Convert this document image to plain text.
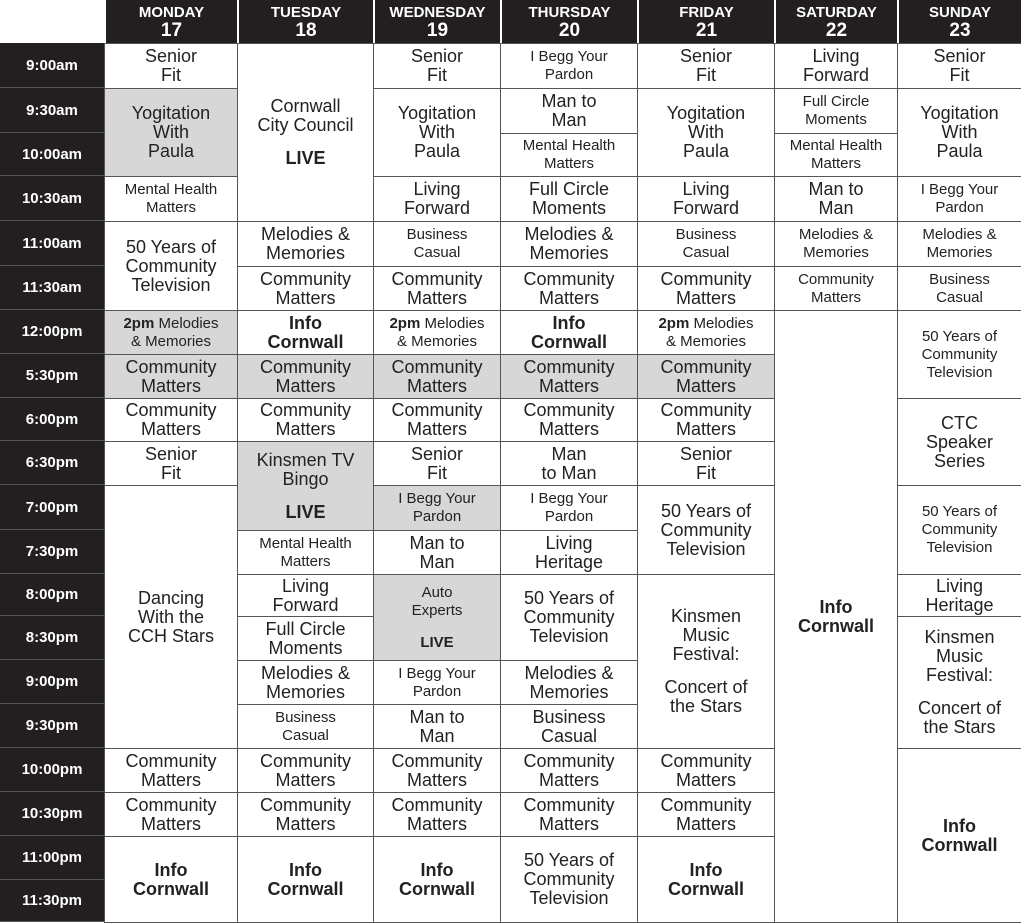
MONDAY
17
TUESDAY
18
WEDNESDAY
19
THURSDAY
20
FRIDAY
21
SATURDAY
22
SUNDAY
23
9:00am
9:30am
10:00am
10:30am
11:00am
11:30am
12:00pm
5:30pm
6:00pm
6:30pm
7:00pm
7:30pm
8:00pm
8:30pm
9:00pm
9:30pm
10:00pm
10:30pm
11:00pm
11:30pm
Senior
Fit
Yogitation
With
Paula
Mental Health
Matters
50 Years of
Community
Television
2pm Melodies
& Memories
Community
Matters
Community
Matters
Senior
Fit
Dancing
With the
CCH Stars
Community
Matters
Community
Matters
Info
Cornwall
Cornwall
City Council
LIVE
Melodies &
Memories
Community
Matters
Info
Cornwall
Community
Matters
Community
Matters
Kinsmen TV
Bingo
LIVE
Mental Health
Matters
Living
Forward
Full Circle
Moments
Melodies &
Memories
Business
Casual
Community
Matters
Community
Matters
Info
Cornwall
Senior
Fit
Yogitation
With
Paula
Living
Forward
Business
Casual
Community
Matters
2pm Melodies
& Memories
Community
Matters
Community
Matters
Senior
Fit
I Begg Your
Pardon
Man to
Man
Auto
Experts
LIVE
I Begg Your
Pardon
Man to
Man
Community
Matters
Community
Matters
Info
Cornwall
I Begg Your
Pardon
Man to
Man
Mental Health
Matters
Full Circle
Moments
Melodies &
Memories
Community
Matters
Info
Cornwall
Community
Matters
Community
Matters
Man
to Man
I Begg Your
Pardon
Living
Heritage
50 Years of
Community
Television
Melodies &
Memories
Business
Casual
Community
Matters
Community
Matters
50 Years of
Community
Television
Senior
Fit
Yogitation
With
Paula
Living
Forward
Business
Casual
Community
Matters
2pm Melodies
& Memories
Community
Matters
Community
Matters
Senior
Fit
50 Years of
Community
Television
Kinsmen
Music
Festival:
Concert of
the Stars
Community
Matters
Community
Matters
Info
Cornwall
Living
Forward
Full Circle
Moments
Mental Health
Matters
Man to
Man
Melodies &
Memories
Community
Matters
Info
Cornwall
Senior
Fit
Yogitation
With
Paula
I Begg Your
Pardon
Melodies &
Memories
Business
Casual
50 Years of
Community
Television
CTC
Speaker
Series
50 Years of
Community
Television
Living
Heritage
Kinsmen
Music
Festival:
Concert of
the Stars
Info
Cornwall
